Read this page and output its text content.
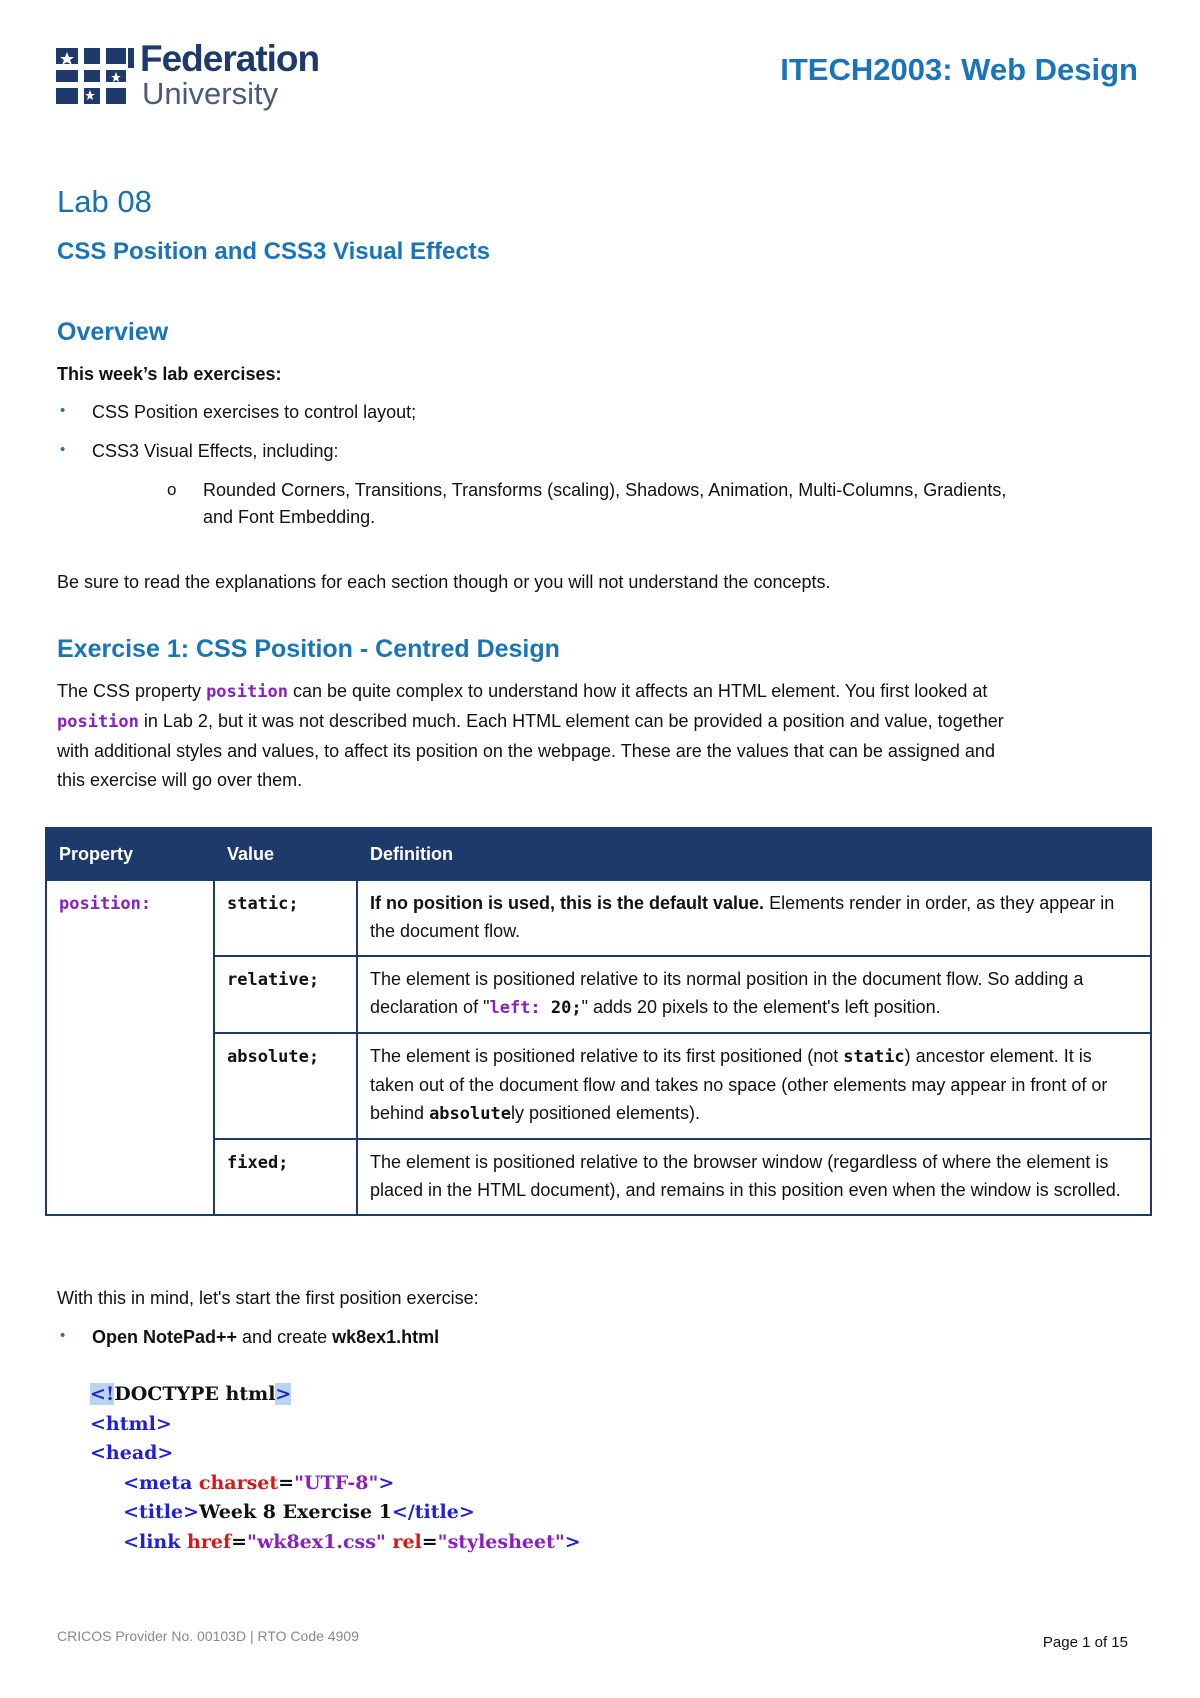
Federation
University
ITECH2003: Web Design
Lab 08
CSS Position and CSS3 Visual Effects
Overview
This week’s lab exercises:
• CSS Position exercises to control layout;
• CSS3 Visual Effects, including:
o Rounded Corners, Transitions, Transforms (scaling), Shadows, Animation, Multi-Columns, Gradients,
and Font Embedding.
Be sure to read the explanations for each section though or you will not understand the concepts.
Exercise 1: CSS Position - Centred Design
The CSS property position can be quite complex to understand how it affects an HTML element. You first looked at
position in Lab 2, but it was not described much. Each HTML element can be provided a position and value, together
with additional styles and values, to affect its position on the webpage. These are the values that can be assigned and
this exercise will go over them.
Property	Value	Definition
position:	static;	If no position is used, this is the default value. Elements render in order, as they appear in the document flow.
	relative;	The element is positioned relative to its normal position in the document flow. So adding a declaration of "left: 20;" adds 20 pixels to the element's left position.
	absolute;	The element is positioned relative to its first positioned (not static) ancestor element. It is taken out of the document flow and takes no space (other elements may appear in front of or behind absolutely positioned elements).
	fixed;	The element is positioned relative to the browser window (regardless of where the element is placed in the HTML document), and remains in this position even when the window is scrolled.
With this in mind, let's start the first position exercise:
• Open NotePad++ and create wk8ex1.html
<!DOCTYPE html>
<html>
<head>
<meta charset="UTF-8">
<title>Week 8 Exercise 1</title>
<link href="wk8ex1.css" rel="stylesheet">
CRICOS Provider No. 00103D | RTO Code 4909	Page 1 of 15
